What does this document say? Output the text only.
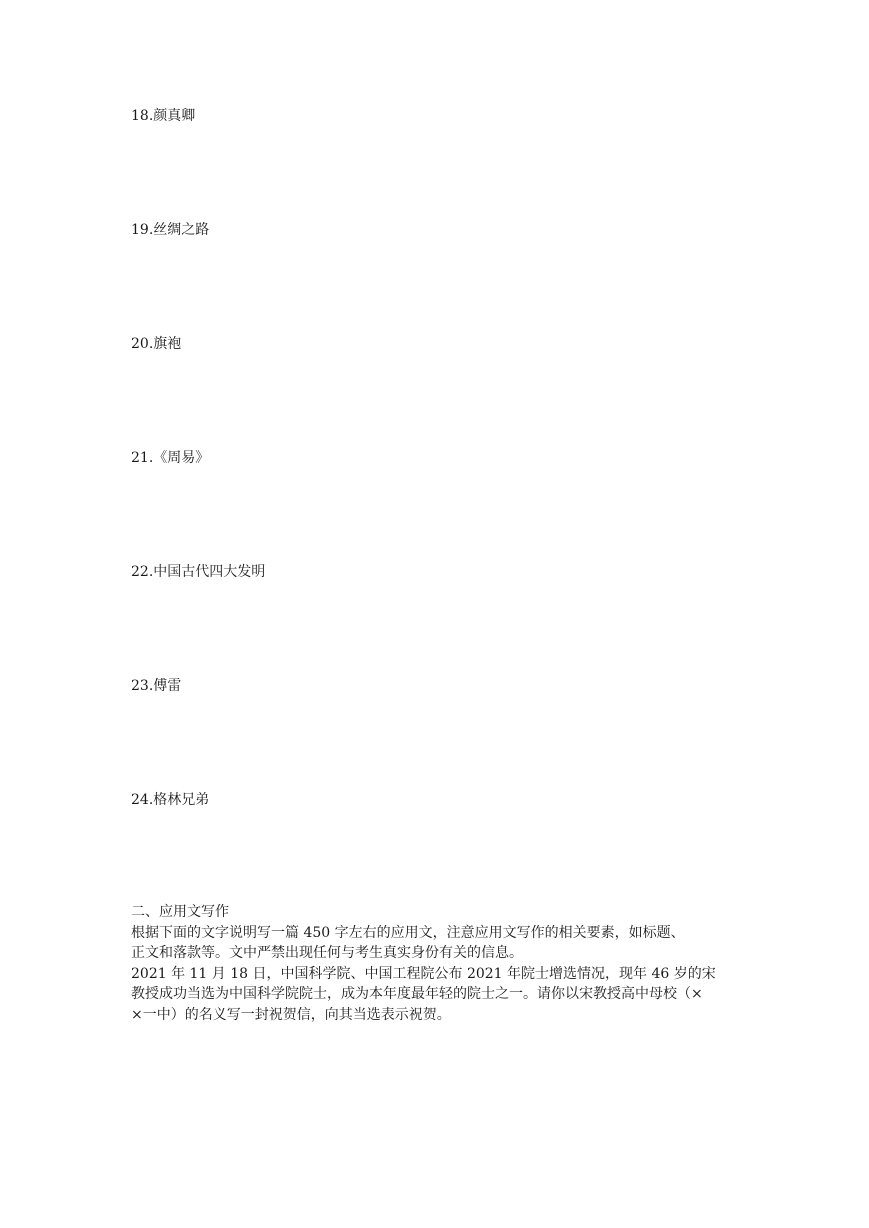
18.颜真卿
19.丝绸之路
20.旗袍
21.《周易》
22.中国古代四大发明
23.傅雷
24.格林兄弟

二、应用文写作

根据下面的文字说明写一篇 450 字左右的应用文，注意应用文写作的相关要素，如标题、

正文和落款等。文中严禁出现任何与考生真实身份有关的信息。

2021 年 11 月 18 日，中国科学院、中国工程院公布 2021 年院士增选情况，现年 46 岁的宋

教授成功当选为中国科学院院士，成为本年度最年轻的院士之一。请你以宋教授高中母校（×

×一中）的名义写一封祝贺信，向其当选表示祝贺。
